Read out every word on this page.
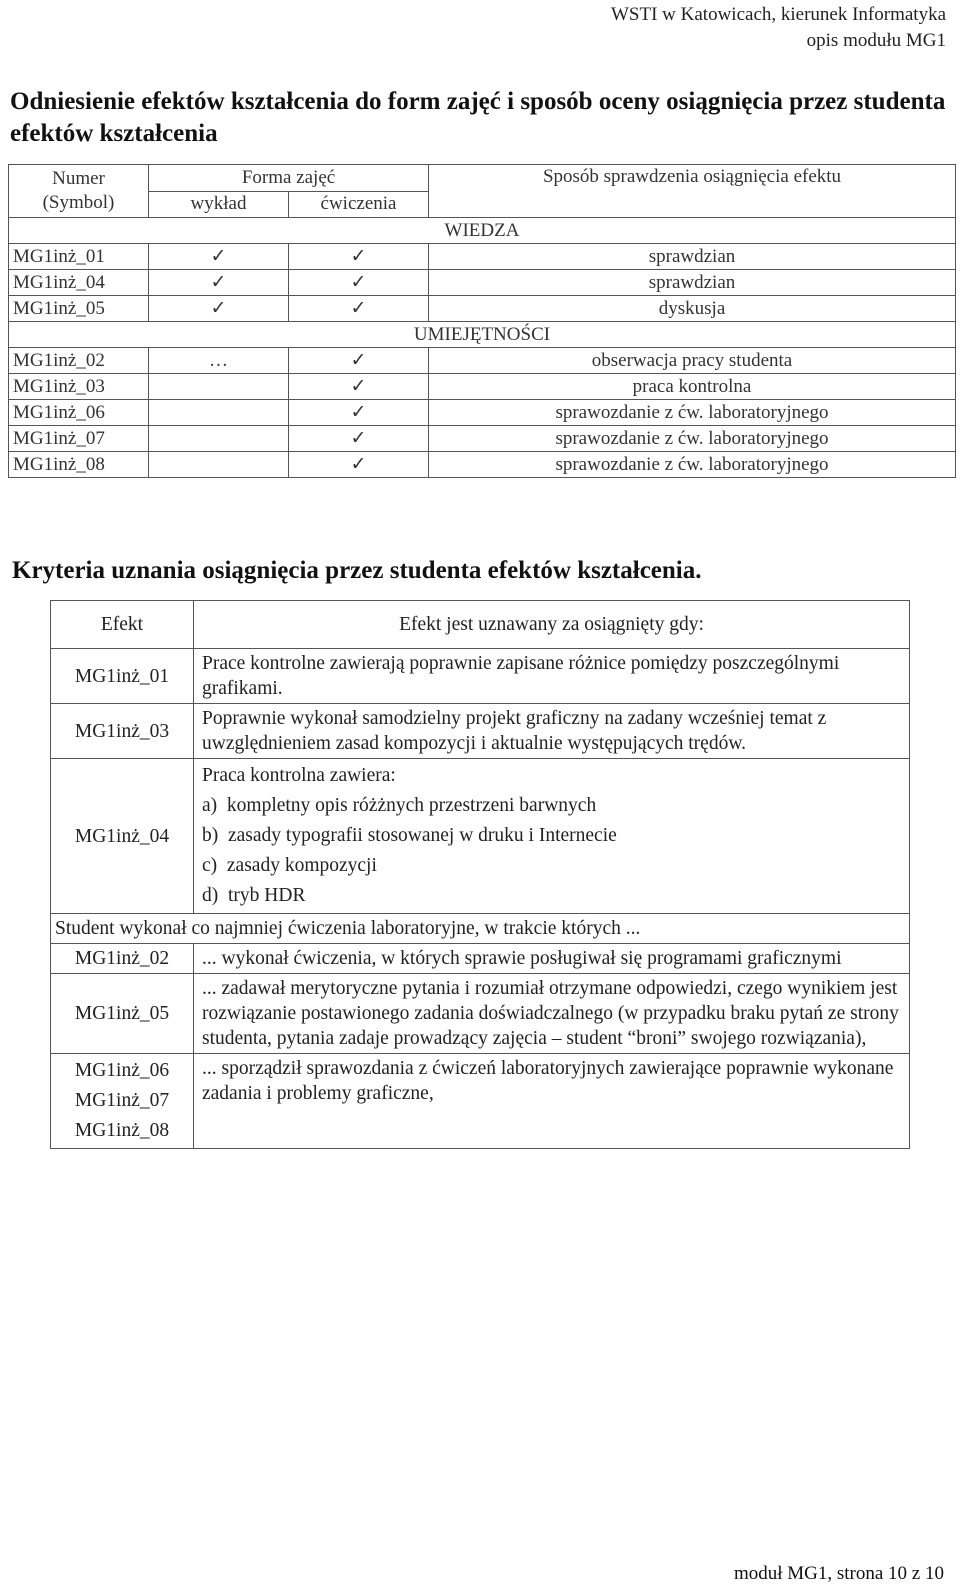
WSTI w Katowicach, kierunek Informatyka
opis modułu MG1
Odniesienie efektów kształcenia do form zajęć i sposób oceny osiągnięcia przez studenta efektów kształcenia
Numer
(Symbol)	Forma zajęć		Sposób sprawdzenia osiągnięcia efektu
	wykład	ćwiczenia	
WIEDZA			
MG1inż_01	✓	✓	sprawdzian
MG1inż_04	✓	✓	sprawdzian
MG1inż_05	✓	✓	dyskusja
UMIEJĘTNOŚCI			
MG1inż_02	…	✓	obserwacja pracy studenta
MG1inż_03		✓	praca kontrolna
MG1inż_06		✓	sprawozdanie z ćw. laboratoryjnego
MG1inż_07		✓	sprawozdanie z ćw. laboratoryjnego
MG1inż_08		✓	sprawozdanie z ćw. laboratoryjnego
Kryteria uznania osiągnięcia przez studenta efektów kształcenia.
Efekt	Efekt jest uznawany za osiągnięty gdy:
MG1inż_01	Prace kontrolne zawierają poprawnie zapisane różnice pomiędzy poszczególnymi grafikami.
MG1inż_03	Poprawnie wykonał samodzielny projekt graficzny na zadany wcześniej temat z uwzględnieniem zasad kompozycji i aktualnie występujących trędów.
MG1inż_04	Praca kontrolna zawiera:
a)  kompletny opis różżnych przestrzeni barwnych
b)  zasady typografii stosowanej w druku i Internecie
c)  zasady kompozycji
d)  tryb HDR

Student wykonał co najmniej ćwiczenia laboratoryjne, w trakcie których ...	
MG1inż_02	... wykonał ćwiczenia, w których sprawie posługiwał się programami graficznymi
MG1inż_05	... zadawał merytoryczne pytania i rozumiał otrzymane odpowiedzi, czego wynikiem jest rozwiązanie postawionego zadania doświadczalnego (w przypadku braku pytań ze strony studenta, pytania zadaje prowadzący zajęcia – student “broni” swojego rozwiązania),

MG1inż_06
MG1inż_07
MG1inż_08	... sporządził sprawozdania z ćwiczeń laboratoryjnych zawierające poprawnie wykonane zadania i problemy graficzne,
moduł MG1, strona 10 z 10
